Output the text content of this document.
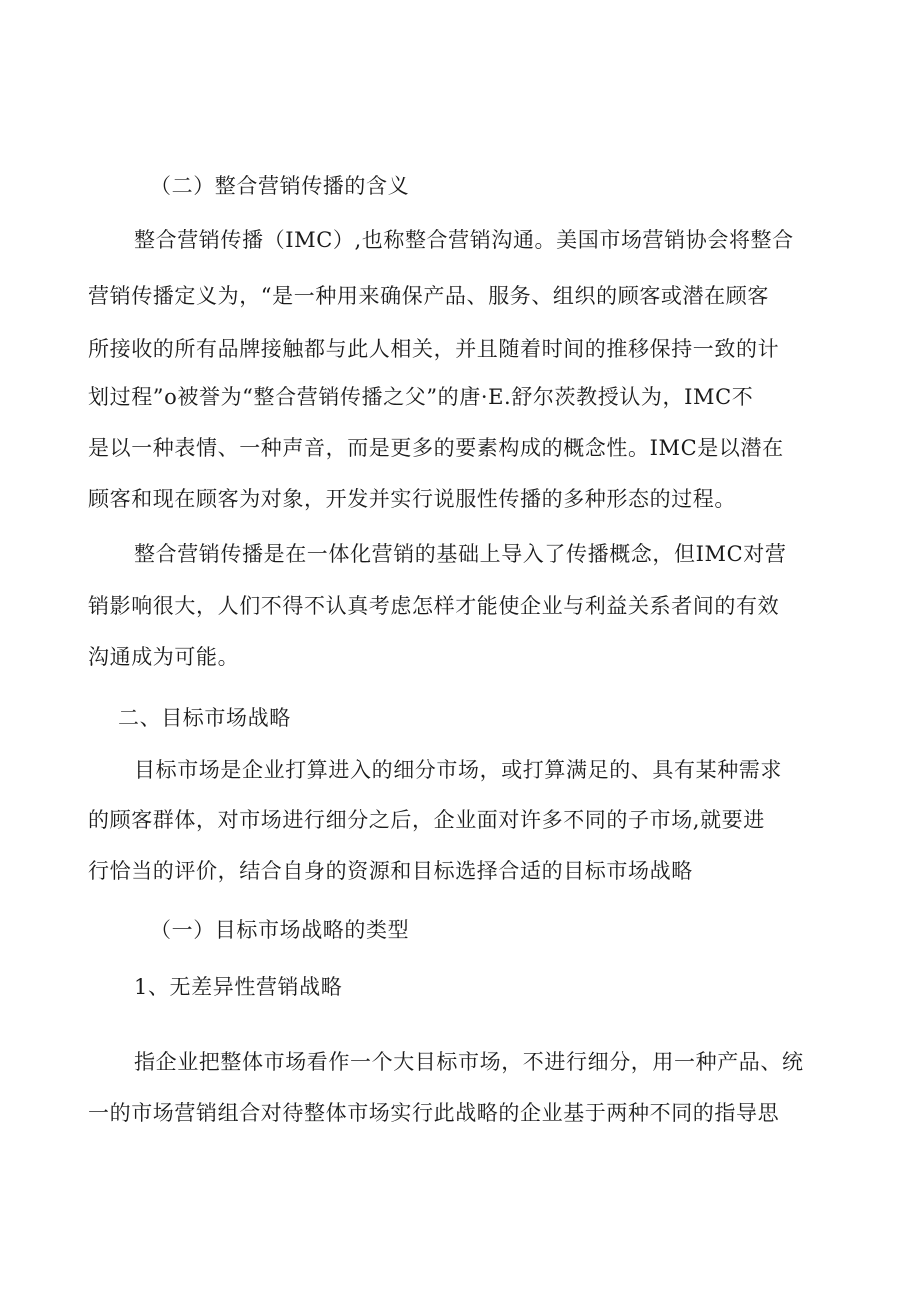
（二）整合营销传播的含义
整合营销传播（IMC）,也称整合营销沟通。美国市场营销协会将整合
营销传播定义为，“是一种用来确保产品、服务、组织的顾客或潜在顾客
所接收的所有品牌接触都与此人相关，并且随着时间的推移保持一致的计
划过程”o被誉为“整合营销传播之父”的唐·E.舒尔茨教授认为，IMC不
是以一种表情、一种声音，而是更多的要素构成的概念性。IMC是以潜在
顾客和现在顾客为对象，开发并实行说服性传播的多种形态的过程。
整合营销传播是在一体化营销的基础上导入了传播概念，但IMC对营
销影响很大，人们不得不认真考虑怎样才能使企业与利益关系者间的有效
沟通成为可能。
二、目标市场战略
目标市场是企业打算进入的细分市场，或打算满足的、具有某种需求
的顾客群体，对市场进行细分之后，企业面对许多不同的子市场,就要进
行恰当的评价，结合自身的资源和目标选择合适的目标市场战略
（一）目标市场战略的类型
1、无差异性营销战略
指企业把整体市场看作一个大目标市场，不进行细分，用一种产品、统
一的市场营销组合对待整体市场实行此战略的企业基于两种不同的指导思
